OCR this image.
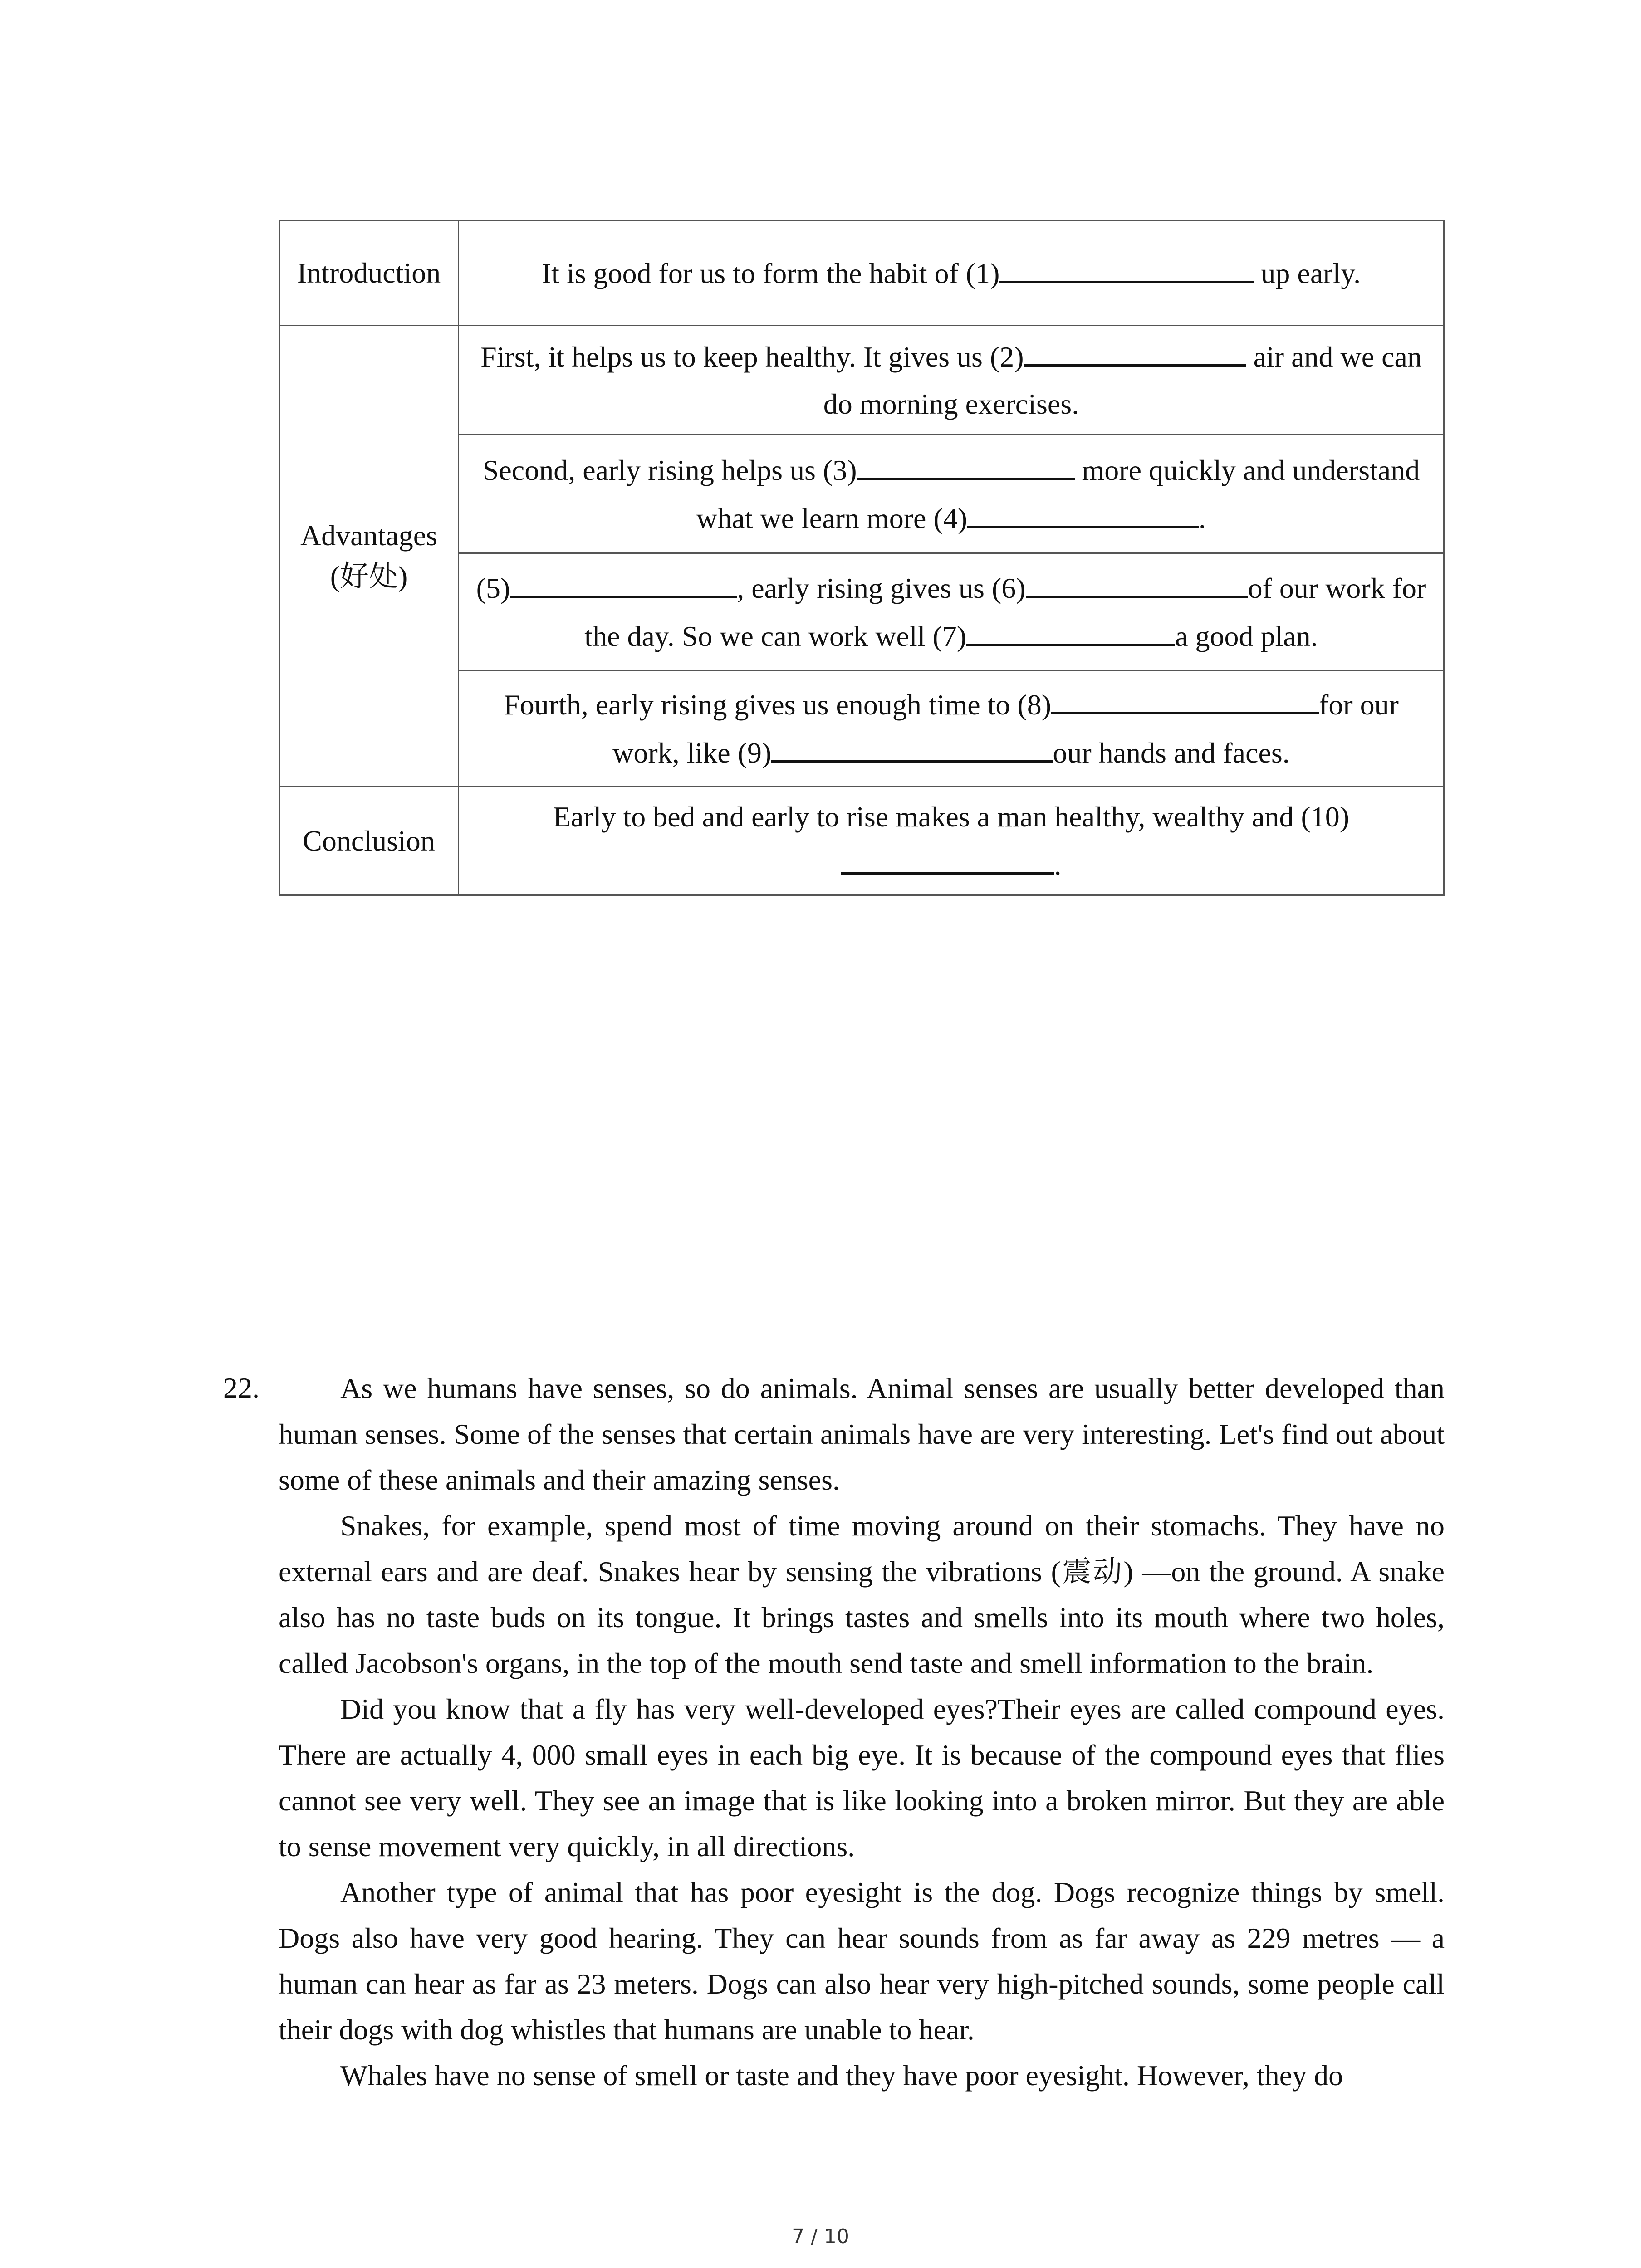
Introduction	It is good for us to form the habit of (1) up early.
Advantages (好处)	First, it helps us to keep healthy. It gives us (2) air and we can do morning exercises.
	Second, early rising helps us (3) more quickly and understand what we learn more (4) .
	(5) , early rising gives us (6) of our work for the day. So we can work well (7) a good plan.
	Fourth, early rising gives us enough time to (8) for our work, like (9) our hands and faces.
Conclusion	Early to bed and early to rise makes a man healthy, wealthy and (10) .
22.	As we humans have senses, so do animals. Animal senses are usually better developed than human senses. Some of the senses that certain animals have are very interesting. Let's find out about some of these animals and their amazing senses.

Snakes, for example, spend most of time moving around on their stomachs. They have no external ears and are deaf. Snakes hear by sensing the vibrations (震动) —on the ground. A snake also has no taste buds on its tongue. It brings tastes and smells into its mouth where two holes, called Jacobson's organs, in the top of the mouth send taste and smell information to the brain.

Did you know that a fly has very well-developed eyes?Their eyes are called compound eyes. There are actually 4, 000 small eyes in each big eye. It is because of the compound eyes that flies cannot see very well. They see an image that is like looking into a broken mirror. But they are able to sense movement very quickly, in all directions.

Another type of animal that has poor eyesight is the dog. Dogs recognize things by smell. Dogs also have very good hearing. They can hear sounds from as far away as 229 metres — a human can hear as far as 23 meters. Dogs can also hear very high-pitched sounds, some people call their dogs with dog whistles that humans are unable to hear.

Whales have no sense of smell or taste and they have poor eyesight. However, they do

7 / 10
